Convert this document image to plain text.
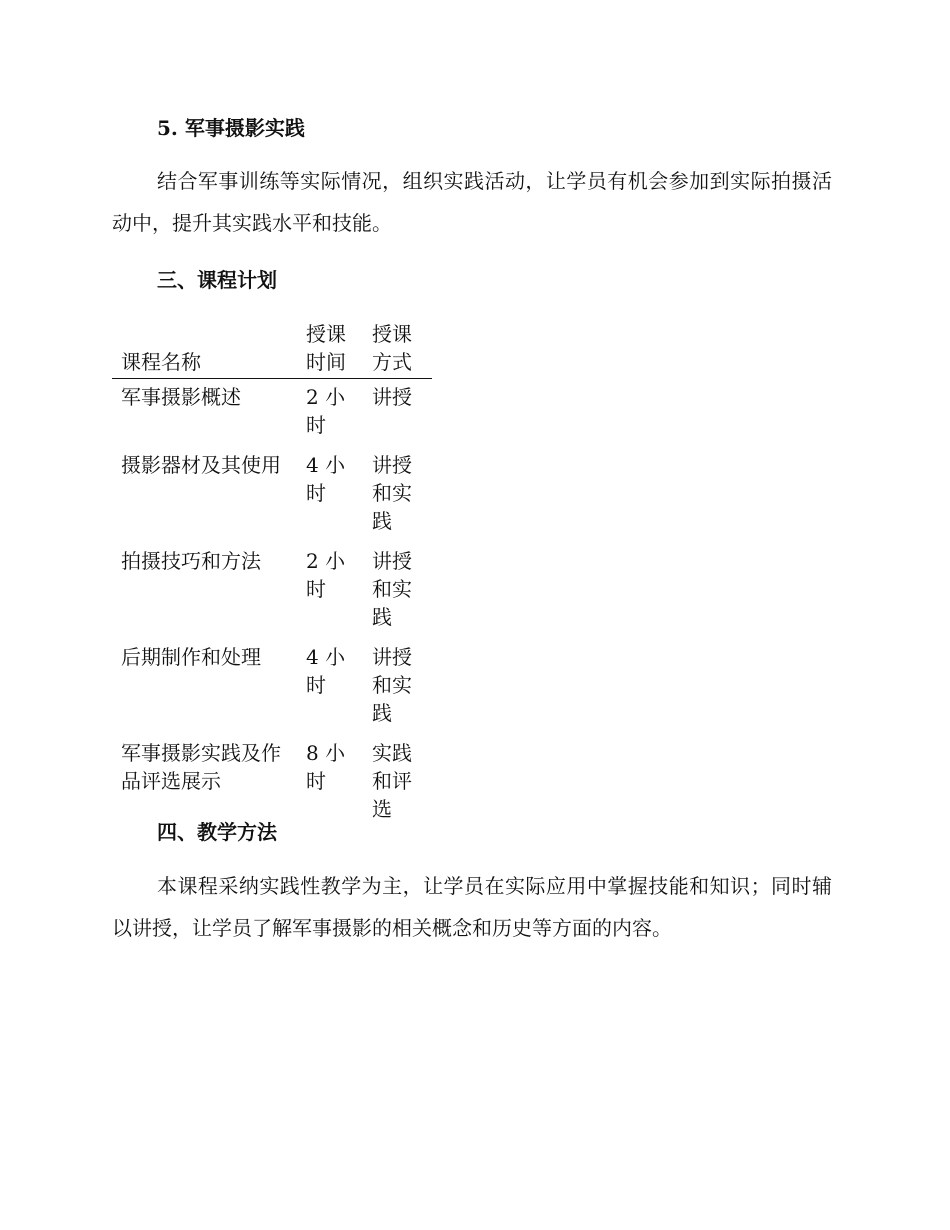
5. 军事摄影实践
结合军事训练等实际情况，组织实践活动，让学员有机会参加到实际拍摄活动中，提升其实践水平和技能。
三、课程计划
课程名称	授课时间	授课方式

军事摄影概述	2 小时	讲授

摄影器材及其使用	4 小时	讲授和实践

拍摄技巧和方法	2 小时	讲授和实践

后期制作和处理	4 小时	讲授和实践

军事摄影实践及作品评选展示	8 小时	实践和评选
四、教学方法
本课程采纳实践性教学为主，让学员在实际应用中掌握技能和知识；同时辅以讲授，让学员了解军事摄影的相关概念和历史等方面的内容。
